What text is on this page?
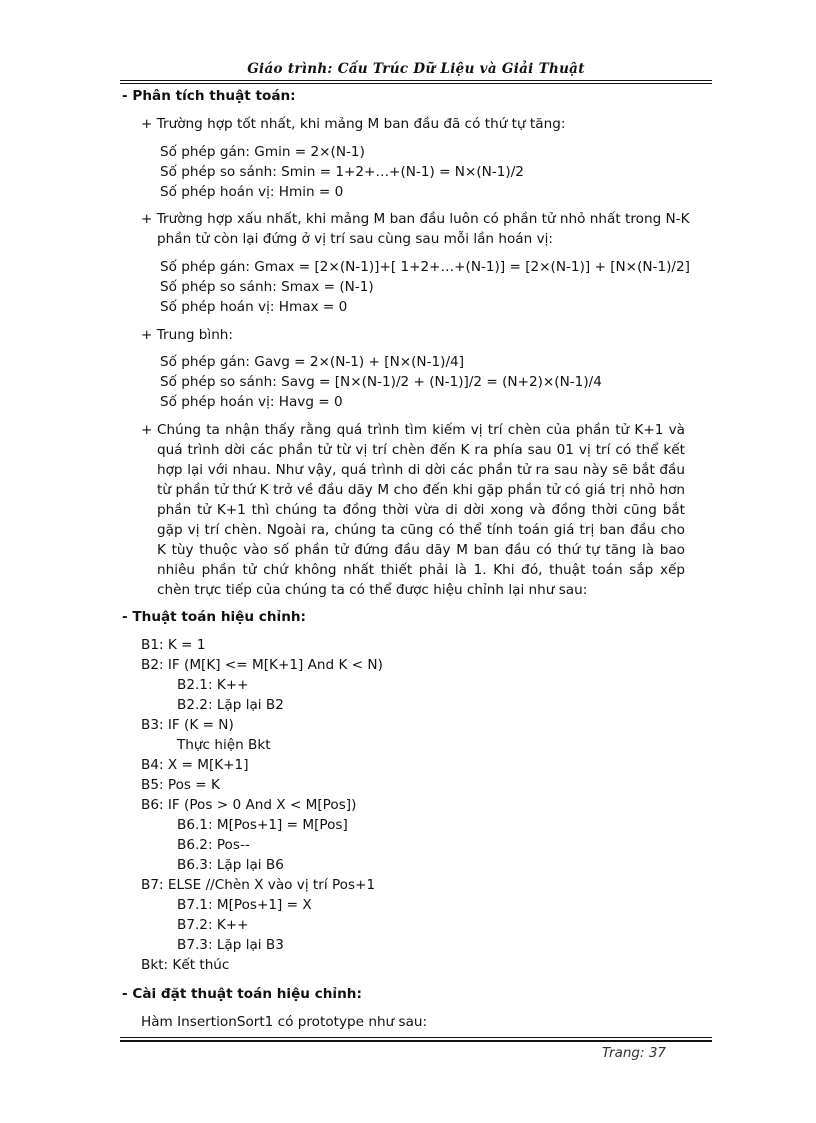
Giáo trình: Cấu Trúc Dữ Liệu và Giải Thuật
- Phân tích thuật toán:
+ Trường hợp tốt nhất, khi mảng M ban đầu đã có thứ tự tăng:
Số phép gán: Gmin = 2×(N-1)
Số phép so sánh: Smin = 1+2+…+(N-1) = N×(N-1)/2
Số phép hoán vị: Hmin = 0
+ Trường hợp xấu nhất, khi mảng M ban đầu luôn có phần tử nhỏ nhất trong N-K
phần tử còn lại đứng ở vị trí sau cùng sau mỗi lần hoán vị:
Số phép gán: Gmax = [2×(N-1)]+[ 1+2+…+(N-1)] = [2×(N-1)] + [N×(N-1)/2]
Số phép so sánh: Smax = (N-1)
Số phép hoán vị: Hmax = 0
+ Trung bình:
Số phép gán: Gavg = 2×(N-1) + [N×(N-1)/4]
Số phép so sánh: Savg = [N×(N-1)/2 + (N-1)]/2 = (N+2)×(N-1)/4
Số phép hoán vị: Havg = 0
+ Chúng ta nhận thấy rằng quá trình tìm kiếm vị trí chèn của phần tử K+1 và quá trình dời các phần tử từ vị trí chèn đến K ra phía sau 01 vị trí có thể kết hợp lại với nhau. Như vậy, quá trình di dời các phần tử ra sau này sẽ bắt đầu từ phần tử thứ K trở về đầu dãy M cho đến khi gặp phần tử có giá trị nhỏ hơn phần tử K+1 thì chúng ta đồng thời vừa di dời xong và đồng thời cũng bắt gặp vị trí chèn. Ngoài ra, chúng ta cũng có thể tính toán giá trị ban đầu cho K tùy thuộc vào số phần tử đứng đầu dãy M ban đầu có thứ tự tăng là bao nhiêu phần tử chứ không nhất thiết phải là 1. Khi đó, thuật toán sắp xếp chèn trực tiếp của chúng ta có thể được hiệu chỉnh lại như sau:
- Thuật toán hiệu chỉnh:
B1: K = 1
B2: IF (M[K] <= M[K+1] And K < N)
B2.1: K++
B2.2: Lặp lại B2
B3: IF (K = N)
Thực hiện Bkt
B4: X = M[K+1]
B5: Pos = K
B6: IF (Pos > 0 And X < M[Pos])
B6.1: M[Pos+1] = M[Pos]
B6.2: Pos--
B6.3: Lặp lại B6
B7: ELSE //Chèn X vào vị trí Pos+1
B7.1: M[Pos+1] = X
B7.2: K++
B7.3: Lặp lại B3
Bkt: Kết thúc
- Cài đặt thuật toán hiệu chỉnh:
Hàm InsertionSort1 có prototype như sau:
Trang: 37
